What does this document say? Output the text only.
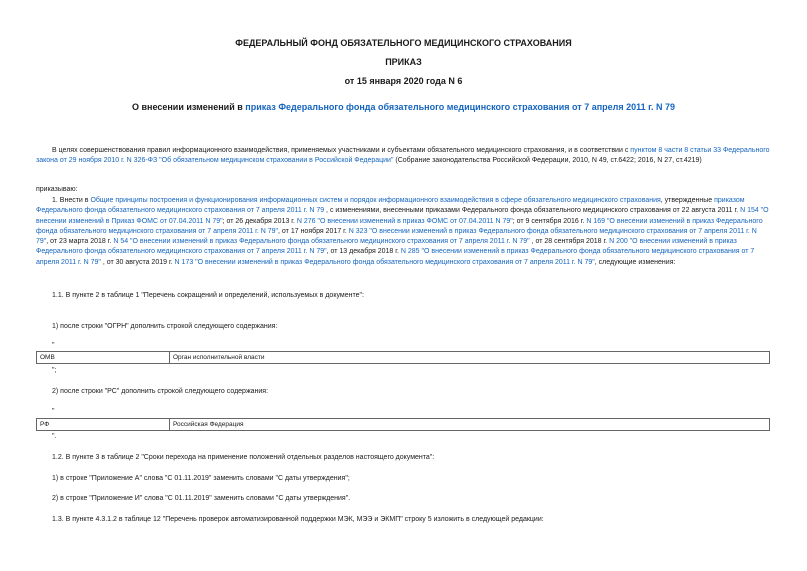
ФЕДЕРАЛЬНЫЙ ФОНД ОБЯЗАТЕЛЬНОГО МЕДИЦИНСКОГО СТРАХОВАНИЯ
ПРИКАЗ
от 15 января 2020 года N 6
О внесении изменений в приказ Федерального фонда обязательного медицинского страхования от 7 апреля 2011 г. N 79
В целях совершенствования правил информационного взаимодействия, применяемых участниками и субъектами обязательного медицинского страхования, и в соответствии с пунктом 8 части 8 статьи 33 Федерального закона от 29 ноября 2010 г. N 326-ФЗ "Об обязательном медицинском страховании в Российской Федерации" (Собрание законодательства Российской Федерации, 2010, N 49, ст.6422; 2016, N 27, ст.4219)
приказываю:
1. Внести в Общие принципы построения и функционирования информационных систем и порядок информационного взаимодействия в сфере обязательного медицинского страхования, утвержденные приказом Федерального фонда обязательного медицинского страхования от 7 апреля 2011 г. N 79 , с изменениями, внесенными приказами Федерального фонда обязательного медицинского страхования от 22 августа 2011 г. N 154 "О внесении изменений в Приказ ФОМС от 07.04.2011 N 79"; от 26 декабря 2013 г. N 276 "О внесении изменений в приказ ФОМС от 07.04.2011 N 79"; от 9 сентября 2016 г. N 169 "О внесении изменений в приказ Федерального фонда обязательного медицинского страхования от 7 апреля 2011 г. N 79", от 17 ноября 2017 г. N 323 "О внесении изменений в приказ Федерального фонда обязательного медицинского страхования от 7 апреля 2011 г. N 79", от 23 марта 2018 г. N 54 "О внесении изменений в приказ Федерального фонда обязательного медицинского страхования от 7 апреля 2011 г. N 79" , от 28 сентября 2018 г. N 200 "О внесении изменений в приказ Федерального фонда обязательного медицинского страхования от 7 апреля 2011 г. N 79", от 13 декабря 2018 г. N 285 "О внесении изменений в приказ Федерального фонда обязательного медицинского страхования от 7 апреля 2011 г. N 79" , от 30 августа 2019 г. N 173 "О внесении изменений в приказ Федерального фонда обязательного медицинского страхования от 7 апреля 2011 г. N 79", следующие изменения:
1.1. В пункте 2 в таблице 1 "Перечень сокращений и определений, используемых в документе":
1) после строки "ОГРН" дополнить строкой следующего содержания:
"
ОМВ	Орган исполнительной власти
";
2) после строки "РС" дополнить строкой следующего содержания:
"
РФ	Российская Федерация
".
1.2. В пункте 3 в таблице 2 "Сроки перехода на применение положений отдельных разделов настоящего документа":
1) в строке "Приложение А" слова "С 01.11.2019" заменить словами "С даты утверждения";
2) в строке "Приложение И" слова "С 01.11.2019" заменить словами "С даты утверждения".
1.3. В пункте 4.3.1.2 в таблице 12 "Перечень проверок автоматизированной поддержки МЭК, МЭЭ и ЭКМП" строку 5 изложить в следующей редакции:
